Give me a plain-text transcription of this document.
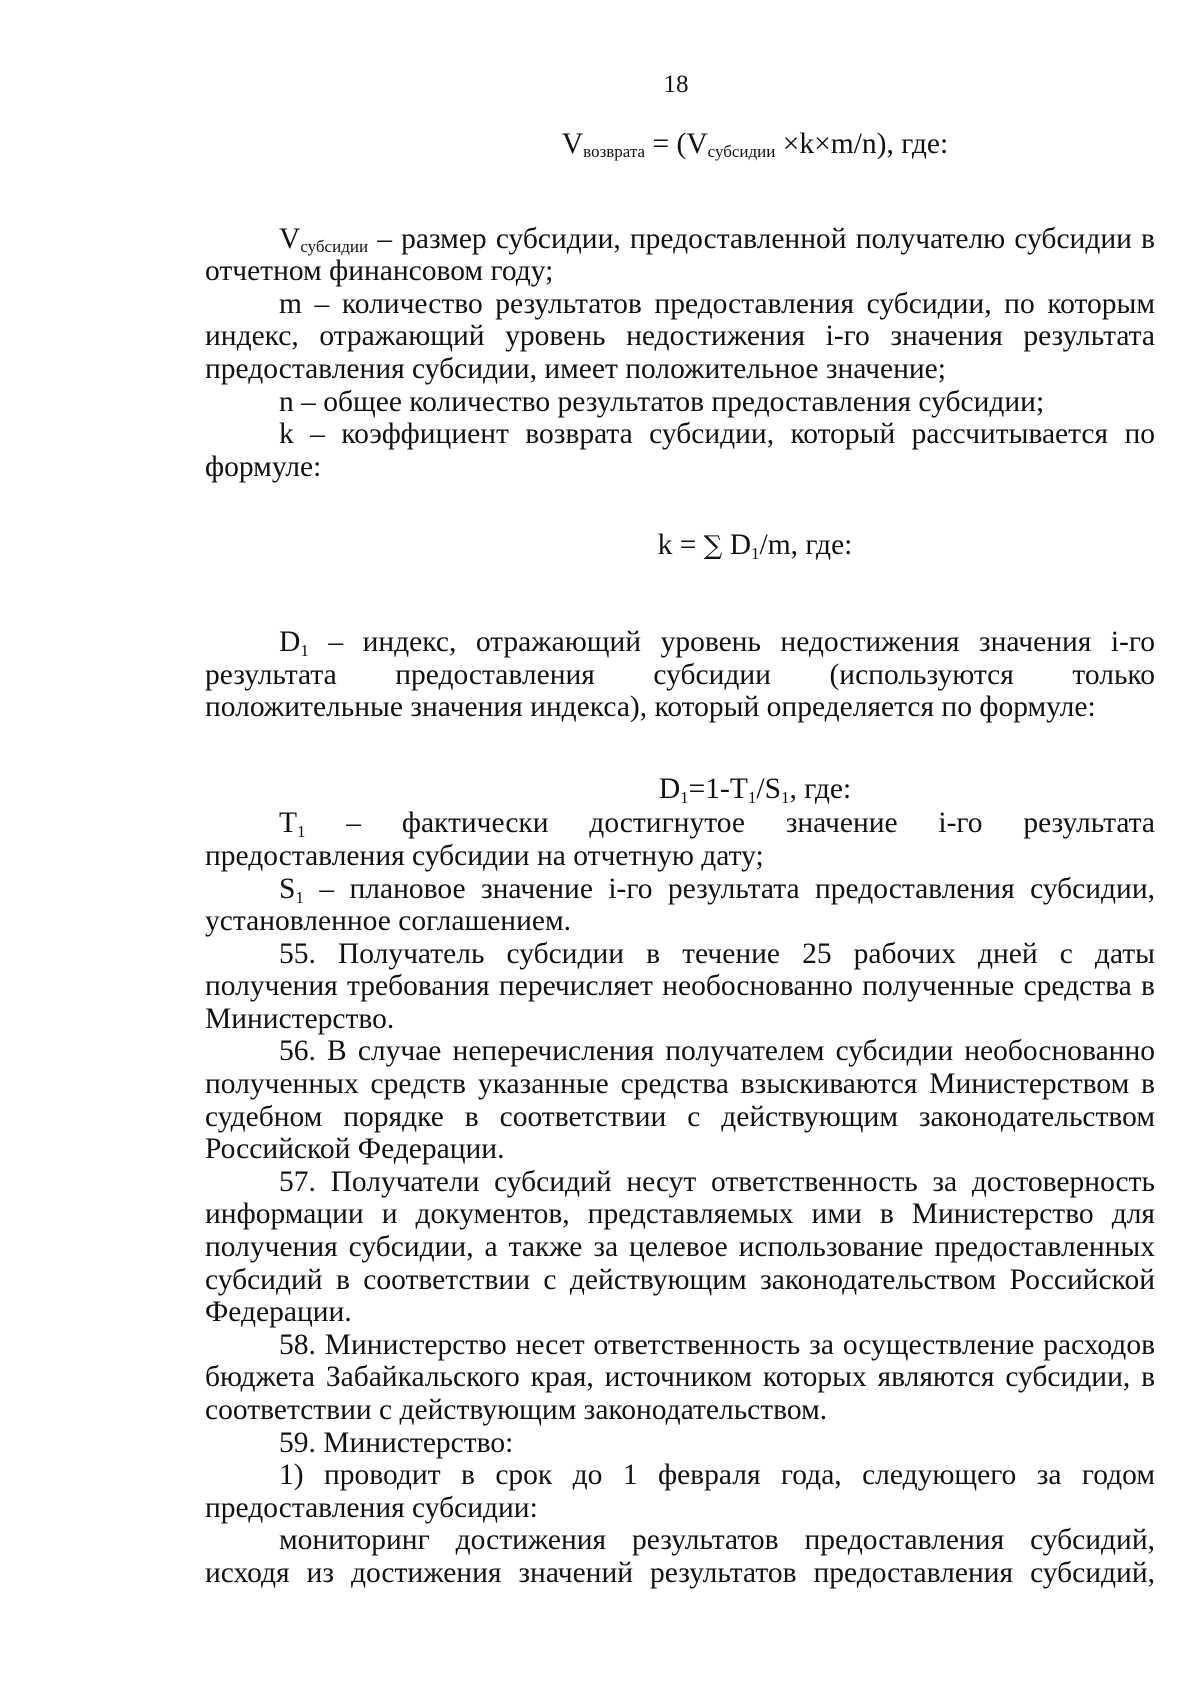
18

$V_{возврата} = (V_{субсидии} \times k\times m/n)$, где:

$V_{субсидии}$ – размер субсидии, предоставленной получателю субсидии в отчетном финансовом году;

m – количество результатов предоставления субсидии, по которым индекс, отражающий уровень недостижения i-го значения результата предоставления субсидии, имеет положительное значение;

n – общее количество результатов предоставления субсидии;

k – коэффициент возврата субсидии, который рассчитывается по формуле:

k = ∑ $D_1/m$, где:

$D_1$ – индекс, отражающий уровень недостижения значения i-го результата предоставления субсидии (используются только положительные значения индекса), который определяется по формуле:

$D_1=1-T_1/S_1$, где:

$T_1$ – фактически достигнутое значение i-го результата предоставления субсидии на отчетную дату;

$S_1$ – плановое значение i-го результата предоставления субсидии, установленное соглашением.

55. Получатель субсидии в течение 25 рабочих дней с даты получения требования перечисляет необоснованно полученные средства в Министерство.

56. В случае неперечисления получателем субсидии необоснованно полученных средств указанные средства взыскиваются Министерством в судебном порядке в соответствии с действующим законодательством Российской Федерации.

57. Получатели субсидий несут ответственность за достоверность информации и документов, представляемых ими в Министерство для получения субсидии, а также за целевое использование предоставленных субсидий в соответствии с действующим законодательством Российской Федерации.

58. Министерство несет ответственность за осуществление расходов бюджета Забайкальского края, источником которых являются субсидии, в соответствии с действующим законодательством.

59. Министерство:

1) проводит в срок до 1 февраля года, следующего за годом предоставления субсидии:

мониторинг достижения результатов предоставления субсидий, исходя из достижения значений результатов предоставления субсидий,
